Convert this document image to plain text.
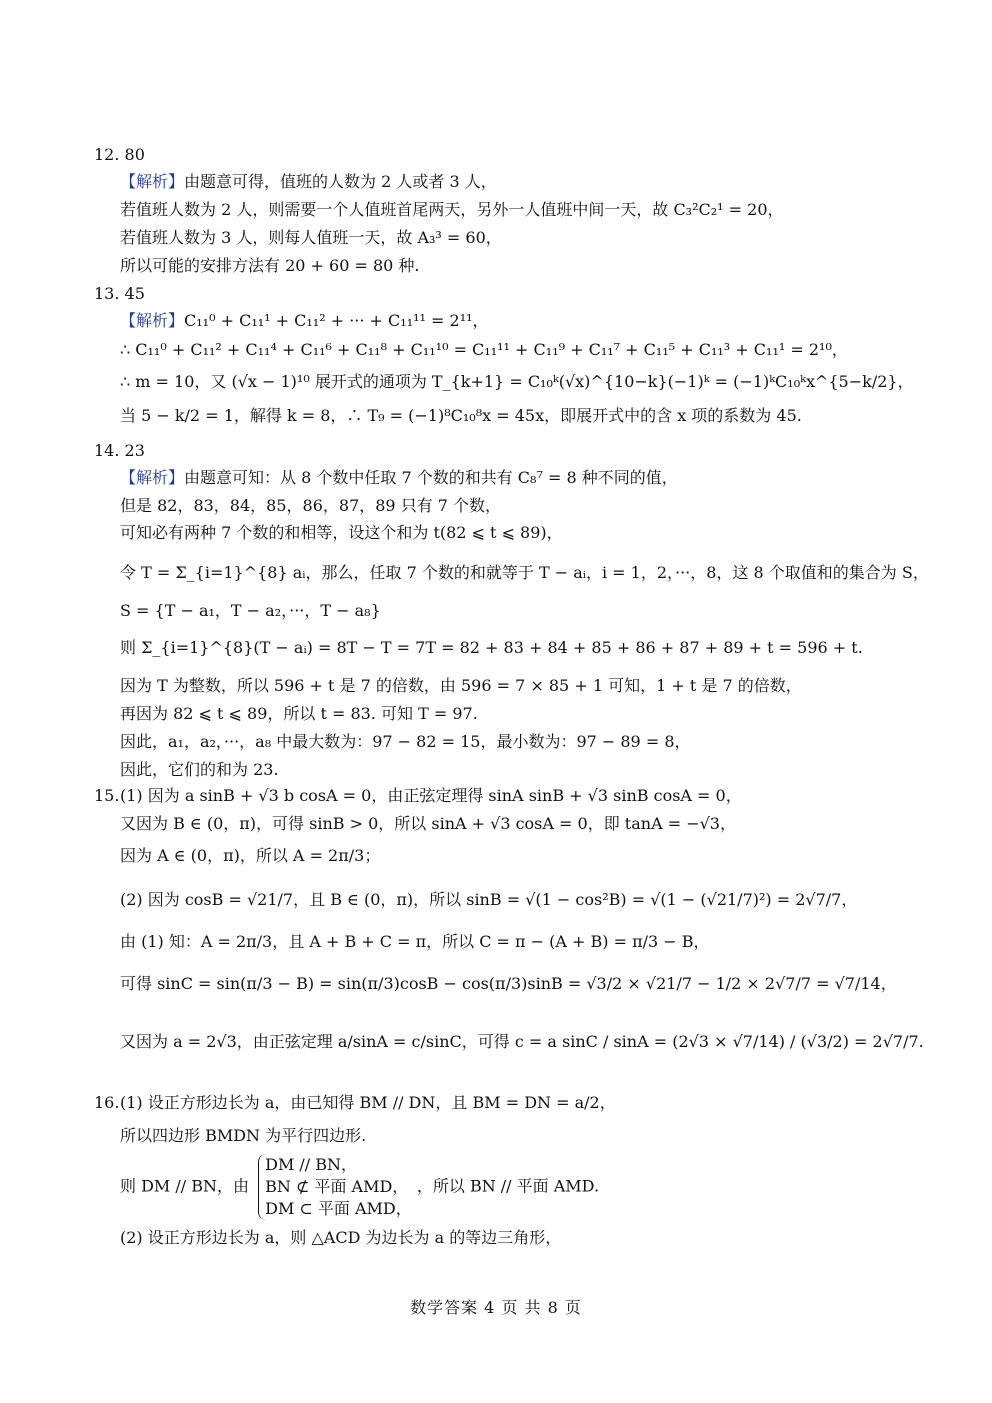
12. 80
【解析】由题意可得，值班的人数为 2 人或者 3 人，
若值班人数为 2 人，则需要一个人值班首尾两天，另外一人值班中间一天，故 C₃²C₂¹ = 20，
若值班人数为 3 人，则每人值班一天，故 A₃³ = 60，
所以可能的安排方法有 20 + 60 = 80 种.
13. 45
【解析】C₁₁⁰ + C₁₁¹ + C₁₁² + ··· + C₁₁¹¹ = 2¹¹，
∴ C₁₁⁰ + C₁₁² + C₁₁⁴ + C₁₁⁶ + C₁₁⁸ + C₁₁¹⁰ = C₁₁¹¹ + C₁₁⁹ + C₁₁⁷ + C₁₁⁵ + C₁₁³ + C₁₁¹ = 2¹⁰，
∴ m = 10，又 (√x − 1)¹⁰ 展开式的通项为 T_{k+1} = C₁₀ᵏ(√x)^{10−k}(−1)ᵏ = (−1)ᵏC₁₀ᵏx^{5−k/2}，
当 5 − k/2 = 1，解得 k = 8，∴ T₉ = (−1)⁸C₁₀⁸x = 45x，即展开式中的含 x 项的系数为 45.
14. 23
【解析】由题意可知：从 8 个数中任取 7 个数的和共有 C₈⁷ = 8 种不同的值，
但是 82，83，84，85，86，87，89 只有 7 个数，
可知必有两种 7 个数的和相等，设这个和为 t(82 ⩽ t ⩽ 89)，
令 T = Σ_{i=1}^{8} aᵢ，那么，任取 7 个数的和就等于 T − aᵢ，i = 1，2，···，8，这 8 个取值和的集合为 S，
S = {T − a₁，T − a₂，···，T − a₈}
则 Σ_{i=1}^{8}(T − aᵢ) = 8T − T = 7T = 82 + 83 + 84 + 85 + 86 + 87 + 89 + t = 596 + t.
因为 T 为整数，所以 596 + t 是 7 的倍数，由 596 = 7 × 85 + 1 可知，1 + t 是 7 的倍数，
再因为 82 ⩽ t ⩽ 89，所以 t = 83. 可知 T = 97.
因此，a₁，a₂，···，a₈ 中最大数为：97 − 82 = 15，最小数为：97 − 89 = 8，
因此，它们的和为 23.
15. (1) 因为 a sinB + √3 b cosA = 0，由正弦定理得 sinA sinB + √3 sinB cosA = 0，
又因为 B ∈ (0，π)，可得 sinB > 0，所以 sinA + √3 cosA = 0，即 tanA = −√3，
因为 A ∈ (0，π)，所以 A = 2π/3；
(2) 因为 cosB = √21/7，且 B ∈ (0，π)，所以 sinB = √(1 − cos²B) = √(1 − (√21/7)²) = 2√7/7，
由 (1) 知：A = 2π/3，且 A + B + C = π，所以 C = π − (A + B) = π/3 − B，
可得 sinC = sin(π/3 − B) = sin(π/3)cosB − cos(π/3)sinB = √3/2 × √21/7 − 1/2 × 2√7/7 = √7/14，
又因为 a = 2√3，由正弦定理 a/sinA = c/sinC，可得 c = a sinC / sinA = (2√3 × √7/14) / (√3/2) = 2√7/7.
16. (1) 设正方形边长为 a，由已知得 BM // DN，且 BM = DN = a/2，
所以四边形 BMDN 为平行四边形.
则 DM // BN，由
DM // BN，
BN ⊄ 平面 AMD，
DM ⊂ 平面 AMD，
，所以 BN // 平面 AMD.
(2) 设正方形边长为 a，则 △ACD 为边长为 a 的等边三角形，
数学答案 4 页 共 8 页
